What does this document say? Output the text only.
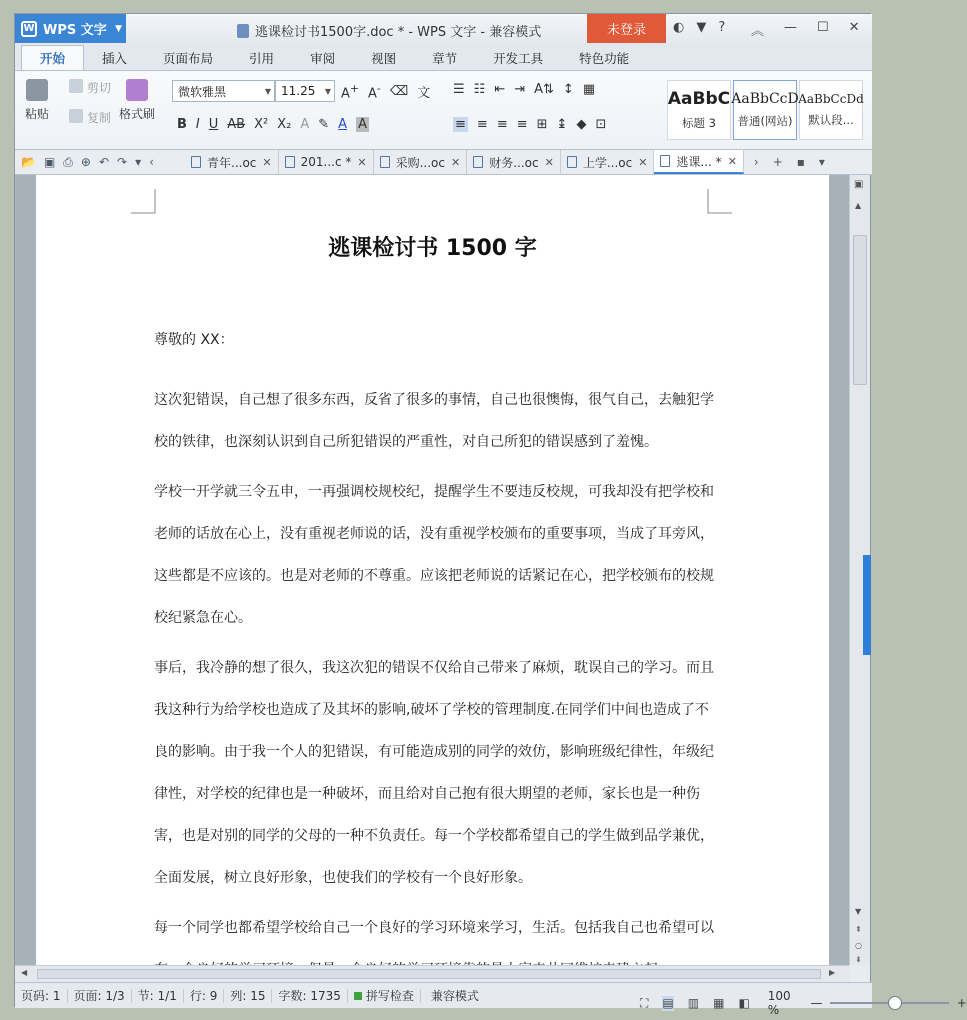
W WPS 文字 ▼	逃课检讨书1500字.doc * - WPS 文字 - 兼容模式	未登录	◐ ▼ ? ︽ — ☐ ✕
开始	插入	页面布局	引用	审阅	视图	章节	开发工具	特色功能
粘贴
剪切
复制 格式刷
微软雅黑	▼ 11.25 ▼ A+ A- ⌫ 文
B I U AB X² X₂ A ✎ A A
☰ ☷ ⇤ ⇥ A⇅ ↕ ▦
≡ ≡ ≡ ≡ ⊞ ↨ ◆ ⊡
AaBbC
标题 3
AaBbCcD
普通(网站)
AaBbCcDd
默认段...
📂 ▣ ⎙ ⊕ ↶ ↷ ▾ ‹	青年...oc ✕ 201...c * ✕ 采购...oc ✕ 财务...oc ✕ 上学...oc ✕ 逃课... * ✕ › + ▪ ▾
逃课检讨书 1500 字
尊敬的 XX：

这次犯错误，自己想了很多东西，反省了很多的事情，自己也很懊悔，很气自己，去触犯学校的铁律，也深刻认识到自己所犯错误的严重性，对自己所犯的错误感到了羞愧。

学校一开学就三令五申，一再强调校规校纪，提醒学生不要违反校规，可我却没有把学校和老师的话放在心上，没有重视老师说的话，没有重视学校颁布的重要事项，当成了耳旁风，这些都是不应该的。也是对老师的不尊重。应该把老师说的话紧记在心，把学校颁布的校规校纪紧急在心。

事后，我冷静的想了很久，我这次犯的错误不仅给自己带来了麻烦，耽误自己的学习。而且我这种行为给学校也造成了及其坏的影响,破坏了学校的管理制度.在同学们中间也造成了不良的影响。由于我一个人的犯错误，有可能造成别的同学的效仿，影响班级纪律性，年级纪律性，对学校的纪律也是一种破坏，而且给对自己抱有很大期望的老师，家长也是一种伤害，也是对别的同学的父母的一种不负责任。每一个学校都希望自己的学生做到品学兼优，全面发展，树立良好形象，也使我们的学校有一个良好形象。

每一个同学也都希望学校给自己一个良好的学习环境来学习，生活。包括我自己也希望可以

▣
▲
▼
⇞
○
⇟
◀	▶
页码: 1	页面: 1/3	节: 1/1	行: 9	列: 15	字数: 1735	拼写检查	兼容模式	⛶ ▤ ▥ ▦ ◧ 100 %	—	+
